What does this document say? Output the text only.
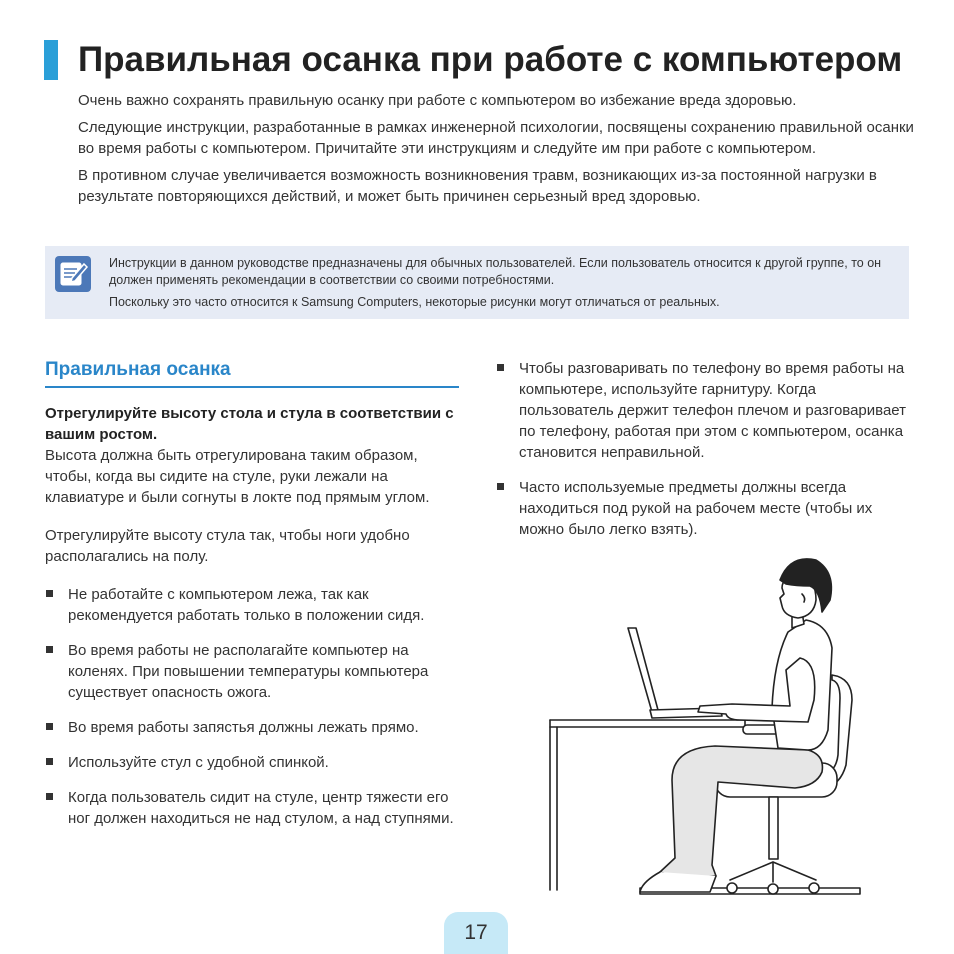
Правильная осанка при работе с компьютером

Очень важно сохранять правильную осанку при работе с компьютером во избежание вреда здоровью.

Следующие инструкции, разработанные в рамках инженерной психологии, посвящены сохранению правильной осанки во время работы с компьютером. Причитайте эти инструкциям и следуйте им при работе с компьютером.

В противном случае увеличивается возможность возникновения травм, возникающих из-за постоянной нагрузки в результате повторяющихся действий, и может быть причинен серьезный вред здоровью.

Инструкции в данном руководстве предназначены для обычных пользователей. Если пользователь относится к другой группе, то он должен применять рекомендации в соответствии со своими потребностями.

Поскольку это часто относится к Samsung Computers, некоторые рисунки могут отличаться от реальных.

Правильная осанка

Отрегулируйте высоту стола и стула в соответствии с вашим ростом.
Высота должна быть отрегулирована таким образом, чтобы, когда вы сидите на стуле, руки лежали на клавиатуре и были согнуты в локте под прямым углом.

Отрегулируйте высоту стула так, чтобы ноги удобно располагались на полу.

Не работайте с компьютером лежа, так как рекомендуется работать только в положении сидя.
Во время работы не располагайте компьютер на коленях. При повышении температуры компьютера существует опасность ожога.
Во время работы запястья должны лежать прямо.
Используйте стул с удобной спинкой.
Когда пользователь сидит на стуле, центр тяжести его ног должен находиться не над стулом, а над ступнями.
Чтобы разговаривать по телефону во время работы на компьютере, используйте гарнитуру. Когда пользователь держит телефон плечом и разговаривает по телефону, работая при этом с компьютером, осанка становится неправильной.
Часто используемые предметы должны всегда находиться под рукой на рабочем месте (чтобы их можно было легко взять).
17
